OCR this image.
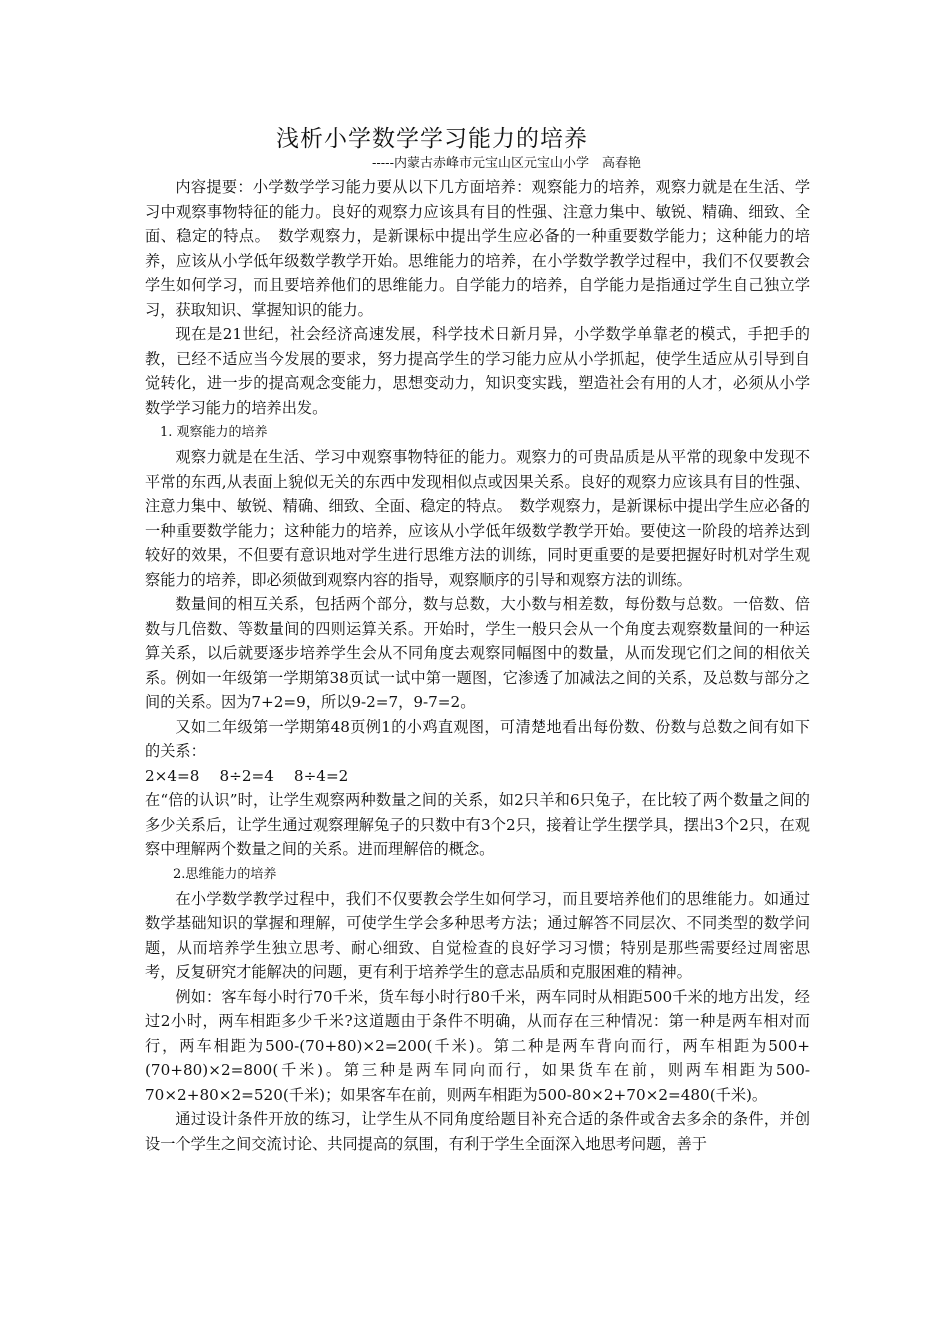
浅析小学数学学习能力的培养
-----内蒙古赤峰市元宝山区元宝山小学　高春艳

内容提要：小学数学学习能力要从以下几方面培养：观察能力的培养，观察力就是在生活、学习中观察事物特征的能力。良好的观察力应该具有目的性强、注意力集中、敏锐、精确、细致、全面、稳定的特点。　数学观察力，是新课标中提出学生应必备的一种重要数学能力；这种能力的培养，应该从小学低年级数学教学开始。思维能力的培养，在小学数学教学过程中，我们不仅要教会学生如何学习，而且要培养他们的思维能力。自学能力的培养，自学能力是指通过学生自己独立学习，获取知识、掌握知识的能力。

现在是21世纪，社会经济高速发展，科学技术日新月异，小学数学单靠老的模式，手把手的教，已经不适应当今发展的要求，努力提高学生的学习能力应从小学抓起，使学生适应从引导到自觉转化，进一步的提高观念变能力，思想变动力，知识变实践，塑造社会有用的人才，必须从小学数学学习能力的培养出发。

1. 观察能力的培养

观察力就是在生活、学习中观察事物特征的能力。观察力的可贵品质是从平常的现象中发现不平常的东西,从表面上貌似无关的东西中发现相似点或因果关系。良好的观察力应该具有目的性强、注意力集中、敏锐、精确、细致、全面、稳定的特点。　数学观察力，是新课标中提出学生应必备的一种重要数学能力；这种能力的培养，应该从小学低年级数学教学开始。要使这一阶段的培养达到较好的效果，不但要有意识地对学生进行思维方法的训练，同时更重要的是要把握好时机对学生观察能力的培养，即必须做到观察内容的指导，观察顺序的引导和观察方法的训练。

数量间的相互关系，包括两个部分，数与总数，大小数与相差数，每份数与总数。一倍数、倍数与几倍数、等数量间的四则运算关系。开始时，学生一般只会从一个角度去观察数量间的一种运算关系，以后就要逐步培养学生会从不同角度去观察同幅图中的数量，从而发现它们之间的相依关系。例如一年级第一学期第38页试一试中第一题图，它渗透了加减法之间的关系，及总数与部分之间的关系。因为7+2=9，所以9-2=7，9-7=2。

又如二年级第一学期第48页例1的小鸡直观图，可清楚地看出每份数、份数与总数之间有如下的关系：

2×4=8　 8÷2=4　 8÷4=2

在“倍的认识”时，让学生观察两种数量之间的关系，如2只羊和6只兔子，在比较了两个数量之间的多少关系后，让学生通过观察理解兔子的只数中有3个2只，接着让学生摆学具，摆出3个2只，在观察中理解两个数量之间的关系。进而理解倍的概念。

2.思维能力的培养

在小学数学教学过程中，我们不仅要教会学生如何学习，而且要培养他们的思维能力。如通过数学基础知识的掌握和理解，可使学生学会多种思考方法；通过解答不同层次、不同类型的数学问题，从而培养学生独立思考、耐心细致、自觉检查的良好学习习惯；特别是那些需要经过周密思考，反复研究才能解决的问题，更有利于培养学生的意志品质和克服困难的精神。

例如：客车每小时行70千米，货车每小时行80千米，两车同时从相距500千米的地方出发，经过2小时，两车相距多少千米?这道题由于条件不明确，从而存在三种情况：第一种是两车相对而行，两车相距为500-(70+80)×2=200(千米)。第二种是两车背向而行，两车相距为500+(70+80)×2=800(千米)。第三种是两车同向而行，如果货车在前，则两车相距为500-70×2+80×2=520(千米)；如果客车在前，则两车相距为500-80×2+70×2=480(千米)。

通过设计条件开放的练习，让学生从不同角度给题目补充合适的条件或舍去多余的条件，并创设一个学生之间交流讨论、共同提高的氛围，有利于学生全面深入地思考问题，善于
